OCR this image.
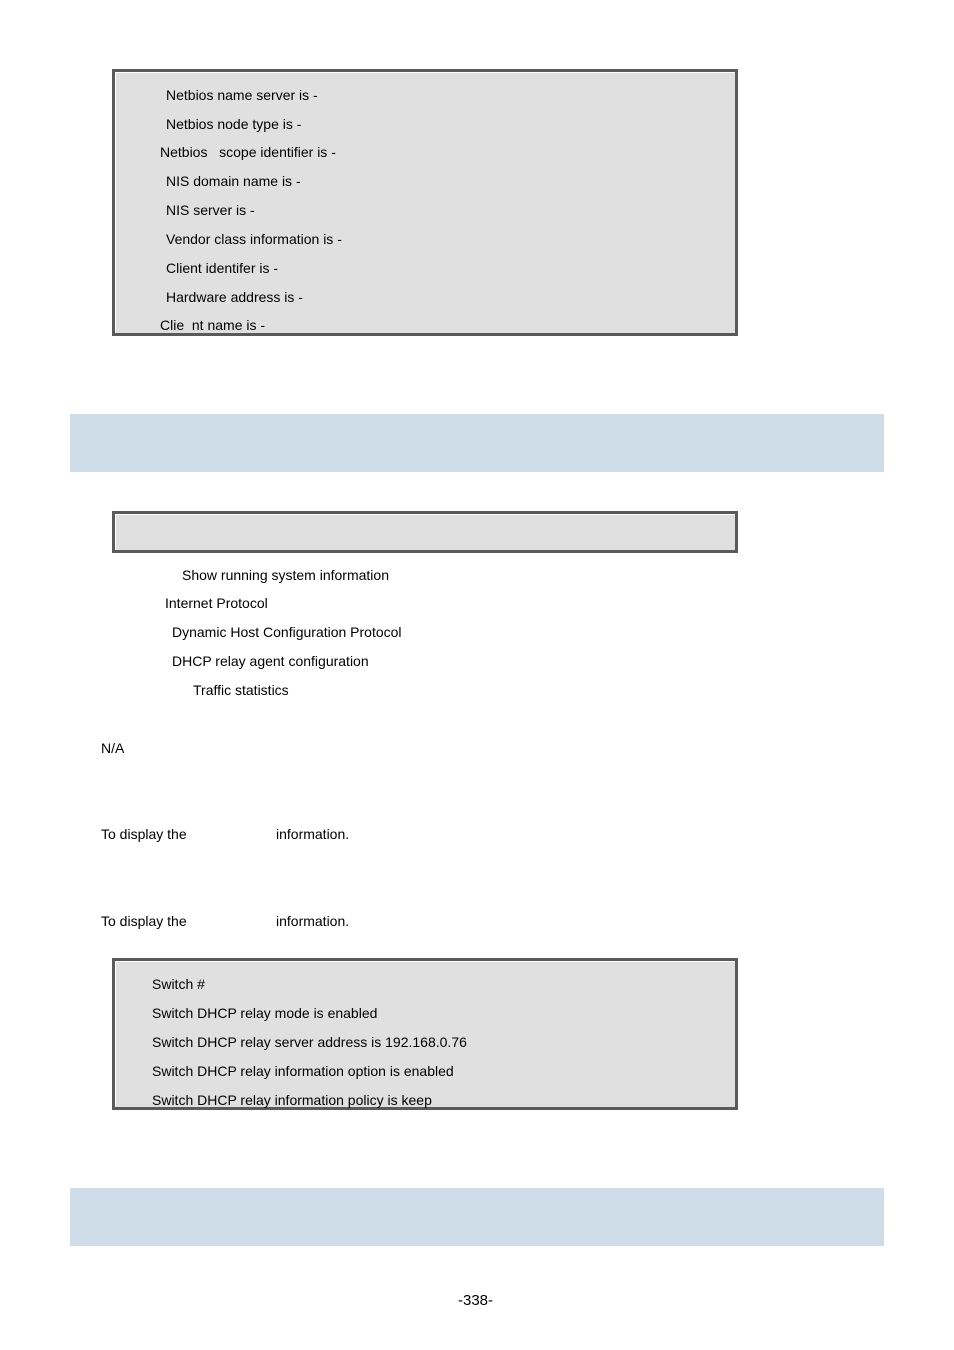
Netbios name server is -
Netbios node type is -
Netbios   scope identifier is -
NIS domain name is -
NIS server is -
Vendor class information is -
Client identifer is -
Hardware address is -
Clie  nt name is -
Show running system information
Internet Protocol
Dynamic Host Configuration Protocol
DHCP relay agent configuration
Traffic statistics
N/A
To display the	information.
To display the	information.
Switch #
Switch DHCP relay mode is enabled
Switch DHCP relay server address is 192.168.0.76
Switch DHCP relay information option is enabled
Switch DHCP relay information policy is keep
-338-
